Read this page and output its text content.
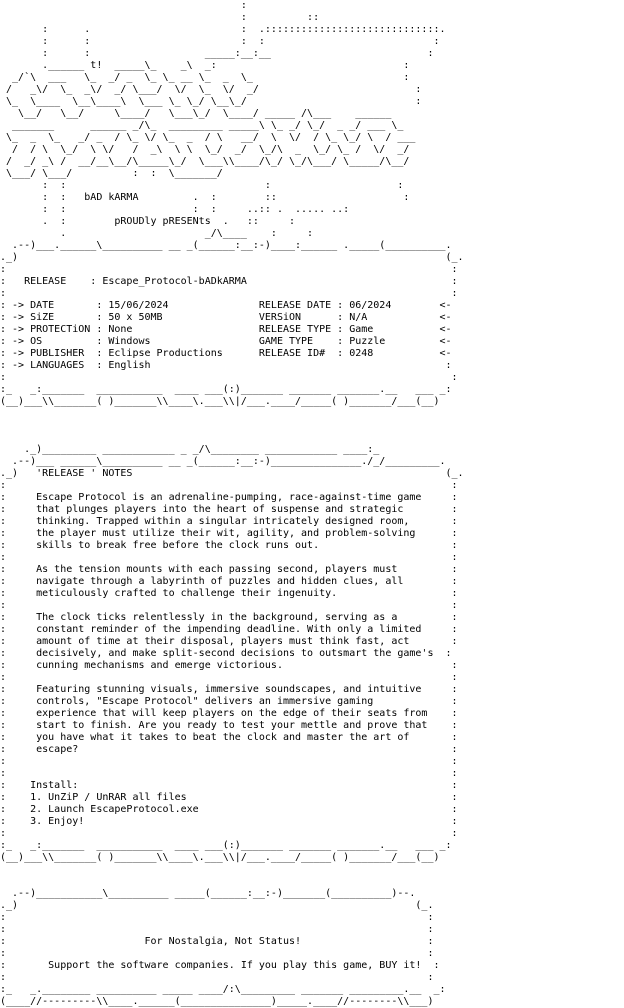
:
:          ::
:      .                         :  .:::::::::::::::::::::::::::::.
:      :                         :  :                            :
:      :                   _____:__:__                          :
.______ t!  _____\_    _\  _:                               :
_/`\  ___   \_  _/ _  \_ \_ __ \_  _  \_                         :
/   _\/  \_  _\/  _/ \___/  \/  \_  \/  _/                          :
\_  \____  \__\____\  \___ \_ \_/ \__\_/                            :
\__/   \__/     \____/   \___\_/  \____/ _____ /\___    ______
_______      ______ _/\_  _________ _____\ \_ _/ \_/  _ _/ ___ \_
\_  _  \_   _/ _  / \_ \/ \_  _  / \   __/  \  \/  / \_ \_/ \  / ___
/  / \  \_/  \ \/   /  _\  \ \  \_/  _/  \_/\  _  \_/ \_ /  \/  _/
/  _/ _\ /  __/__\__/\_____\_/  \___\\____/\_/ \_/\___/ \_____/\__/
\___/ \___/          :  :  \_______/
:  :                                 :                     :
:  :   bAD kARMA         .  :        ::                     :
:  :                     :  :     ..:: .  ..... ..:
.  :        pROUDly pRESENts  .   ::     :
.                       _/\____    :     :
.--)___.______\__________ __ _(______:__:-)____:______ ._____(__________.
._)                                                                       (_.
:                                                                          :
:   RELEASE    : Escape_Protocol-bADkARMA                                  :
:                                                                          :
: -> DATE       : 15/06/2024               RELEASE DATE : 06/2024        <-
: -> SiZE       : 50 x 50MB                VERSiON      : N/A            <-
: -> PROTECTiON : None                     RELEASE TYPE : Game           <-
: -> OS         : Windows                  GAME TYPE    : Puzzle         <-
: -> PUBLISHER  : Eclipse Productions      RELEASE ID#  : 0248           <-
: -> LANGUAGES  : English                                                 :
:                                                                          :
:_   _:_______  ___________  ____ ___(:)_______ _______ _______.__   ___ _:
(__)___\\_______( )_______\\____\.___\\|/___.____/_____( )_______/___(__)

._)_________ ____________ _ _/\________ ____________ ____:_
.--)___ ______\__________ __ _(______:__:-)_______________./_/_________.
._)   'RELEASE ' NOTES                                                    (_.
:                                                                          :
:     Escape Protocol is an adrenaline-pumping, race-against-time game     :
:     that plunges players into the heart of suspense and strategic        :
:     thinking. Trapped within a singular intricately designed room,       :
:     the player must utilize their wit, agility, and problem-solving      :
:     skills to break free before the clock runs out.                      :
:                                                                          :
:     As the tension mounts with each passing second, players must         :
:     navigate through a labyrinth of puzzles and hidden clues, all        :
:     meticulously crafted to challenge their ingenuity.                   :
:                                                                          :
:     The clock ticks relentlessly in the background, serving as a         :
:     constant reminder of the impending deadline. With only a limited     :
:     amount of time at their disposal, players must think fast, act       :
:     decisively, and make split-second decisions to outsmart the game's  :
:     cunning mechanisms and emerge victorious.                            :
:                                                                          :
:     Featuring stunning visuals, immersive soundscapes, and intuitive     :
:     controls, "Escape Protocol" delivers an immersive gaming             :
:     experience that will keep players on the edge of their seats from    :
:     start to finish. Are you ready to test your mettle and prove that    :
:     you have what it takes to beat the clock and master the art of       :
:     escape?                                                              :
:                                                                          :
:                                                                          :
:    Install:                                                              :
:    1. UnZiP / UnRAR all files                                            :
:    2. Launch EscapeProtocol.exe                                          :
:    3. Enjoy!                                                             :
:                                                                          :
:_   _:_______  ___________  ____ ___(:)_______ _______ _______.__   ___ _:
(__)___\\_______( )_______\\____\.___\\|/___.____/_____( )_______/___(__)

.--)___________\__________ _____(______:__:-)_______(__________)--.
._)                                                                  (_.
:                                                                      :
:                                                                      :
:                       For Nostalgia, Not Status!                     :
:                                                                      :
:       Support the software companies. If you play this game, BUY it!  :
:                                                                      :
:_   _.________ __________ _____ ____/:\_________ _______ _________.__  _:
(____//---------\\____.______(_______________)_____.____//--------\\___)
